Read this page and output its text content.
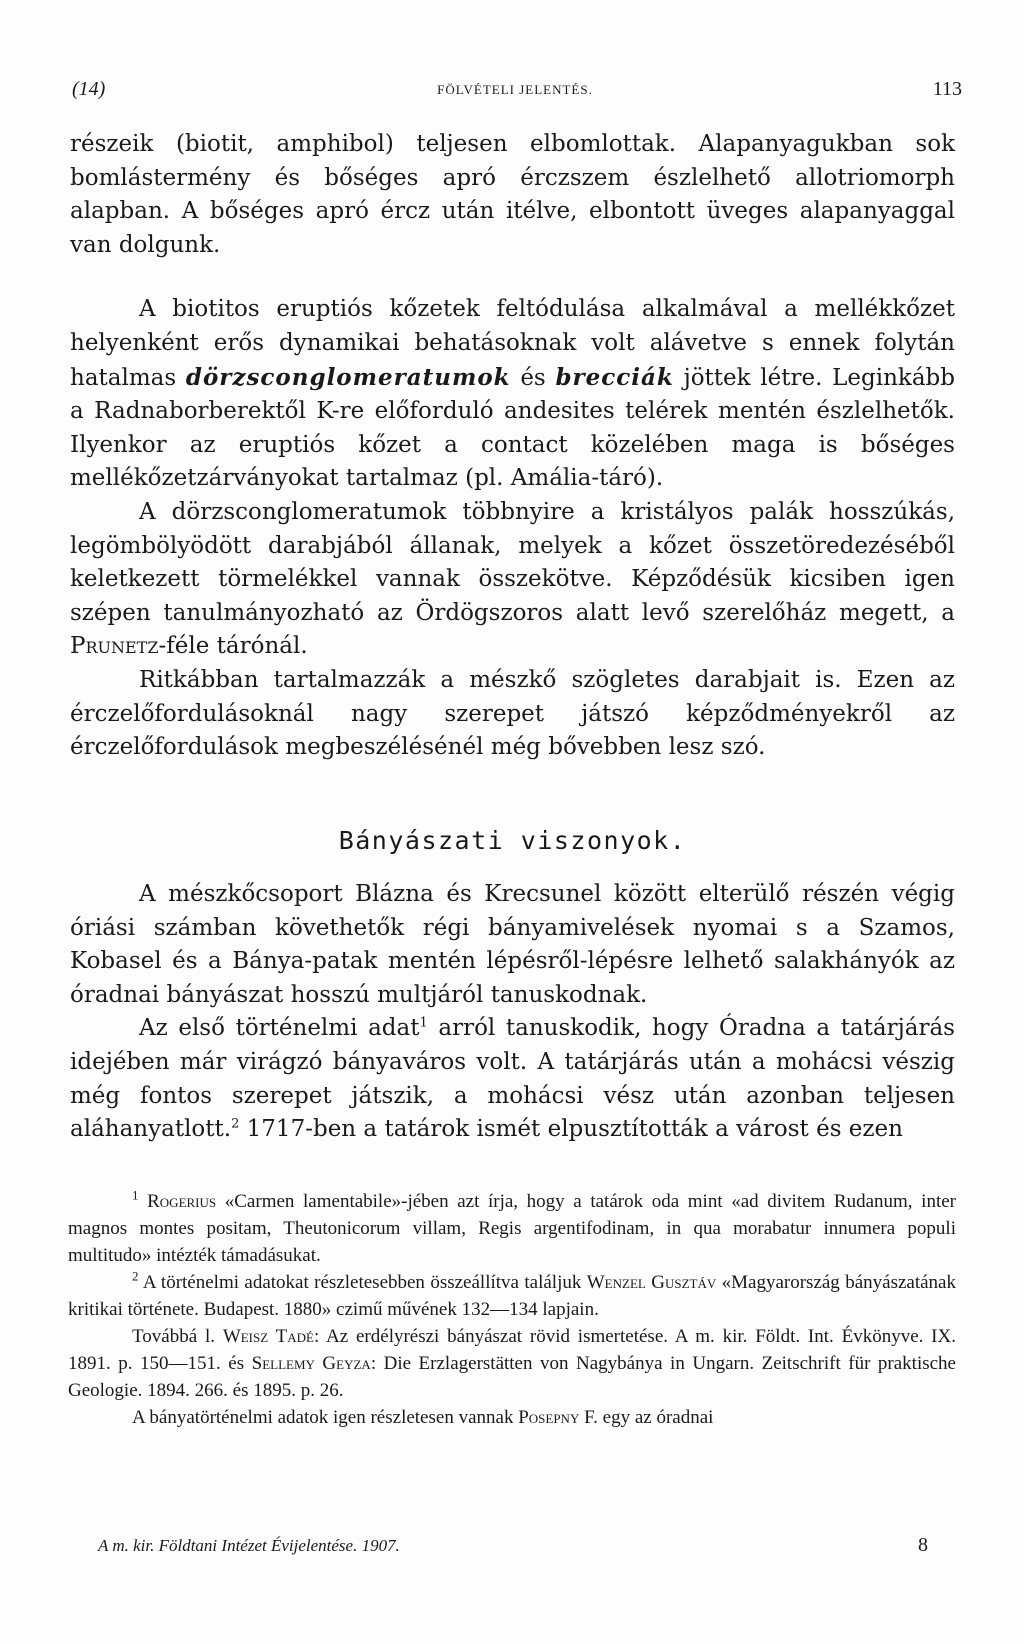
(14)	FÖLVÉTELI JELENTÉS.	113

részeik (biotit, amphibol) teljesen elbomlottak. Alapanyagukban sok bomlástermény és bőséges apró érczszem észlelhető allotriomorph alapban. A bőséges apró ércz után itélve, elbontott üveges alapanyaggal van dolgunk.

A biotitos eruptiós kőzetek feltódulása alkalmával a mellékkőzet helyenként erős dynamikai behatásoknak volt alávetve s ennek folytán hatalmas dörzsconglomeratumok és brecciák jöttek létre. Leginkább a Radnaborberektől K-re előforduló andesites telérek mentén észlelhetők. Ilyenkor az eruptiós kőzet a contact közelében maga is bőséges mellékőzetzárványokat tartalmaz (pl. Amália-táró).

A dörzsconglomeratumok többnyire a kristályos palák hosszúkás, legömbölyödött darabjából állanak, melyek a kőzet összetöredezéséből keletkezett törmelékkel vannak összekötve. Képződésük kicsiben igen szépen tanulmányozható az Ördögszoros alatt levő szerelőház megett, a Prunetz-féle tárónál.

Ritkábban tartalmazzák a mészkő szögletes darabjait is. Ezen az érczelőfordulásoknál nagy szerepet játszó képződményekről az érczelőfordulások megbeszélésénél még bővebben lesz szó.

Bányászati viszonyok.

A mészkőcsoport Blázna és Krecsunel között elterülő részén végig óriási számban követhetők régi bányamivelések nyomai s a Szamos, Kobasel és a Bánya-patak mentén lépésről-lépésre lelhető salakhányók az óradnai bányászat hosszú multjáról tanuskodnak.

Az első történelmi adat$^1$ arról tanuskodik, hogy Óradna a tatárjárás idejében már virágzó bányaváros volt. A tatárjárás után a mohácsi vészig még fontos szerepet játszik, a mohácsi vész után azonban teljesen aláhanyatlott.$^2$ 1717-ben a tatárok ismét elpusztították a várost és ezen

$^1$ Rogerius «Carmen lamentabile»-jében azt írja, hogy a tatárok oda mint «ad divitem Rudanum, inter magnos montes positam, Theutonicorum villam, Regis argentifodinam, in qua morabatur innumera populi multitudo» intézték támadásukat.

$^2$ A történelmi adatokat részletesebben összeállítva találjuk Wenzel Gusztáv «Magyarország bányászatának kritikai története. Budapest. 1880» czimű művének 132—134 lapjain.

Továbbá l. Weisz Tadé: Az erdélyrészi bányászat rövid ismertetése. A m. kir. Földt. Int. Évkönyve. IX. 1891. p. 150—151. és Sellemy Geyza: Die Erzlagerstätten von Nagybánya in Ungarn. Zeitschrift für praktische Geologie. 1894. 266. és 1895. p. 26.

A bányatörténelmi adatok igen részletesen vannak Posepny F. egy az óradnai

A m. kir. Földtani Intézet Évijelentése. 1907.	8
